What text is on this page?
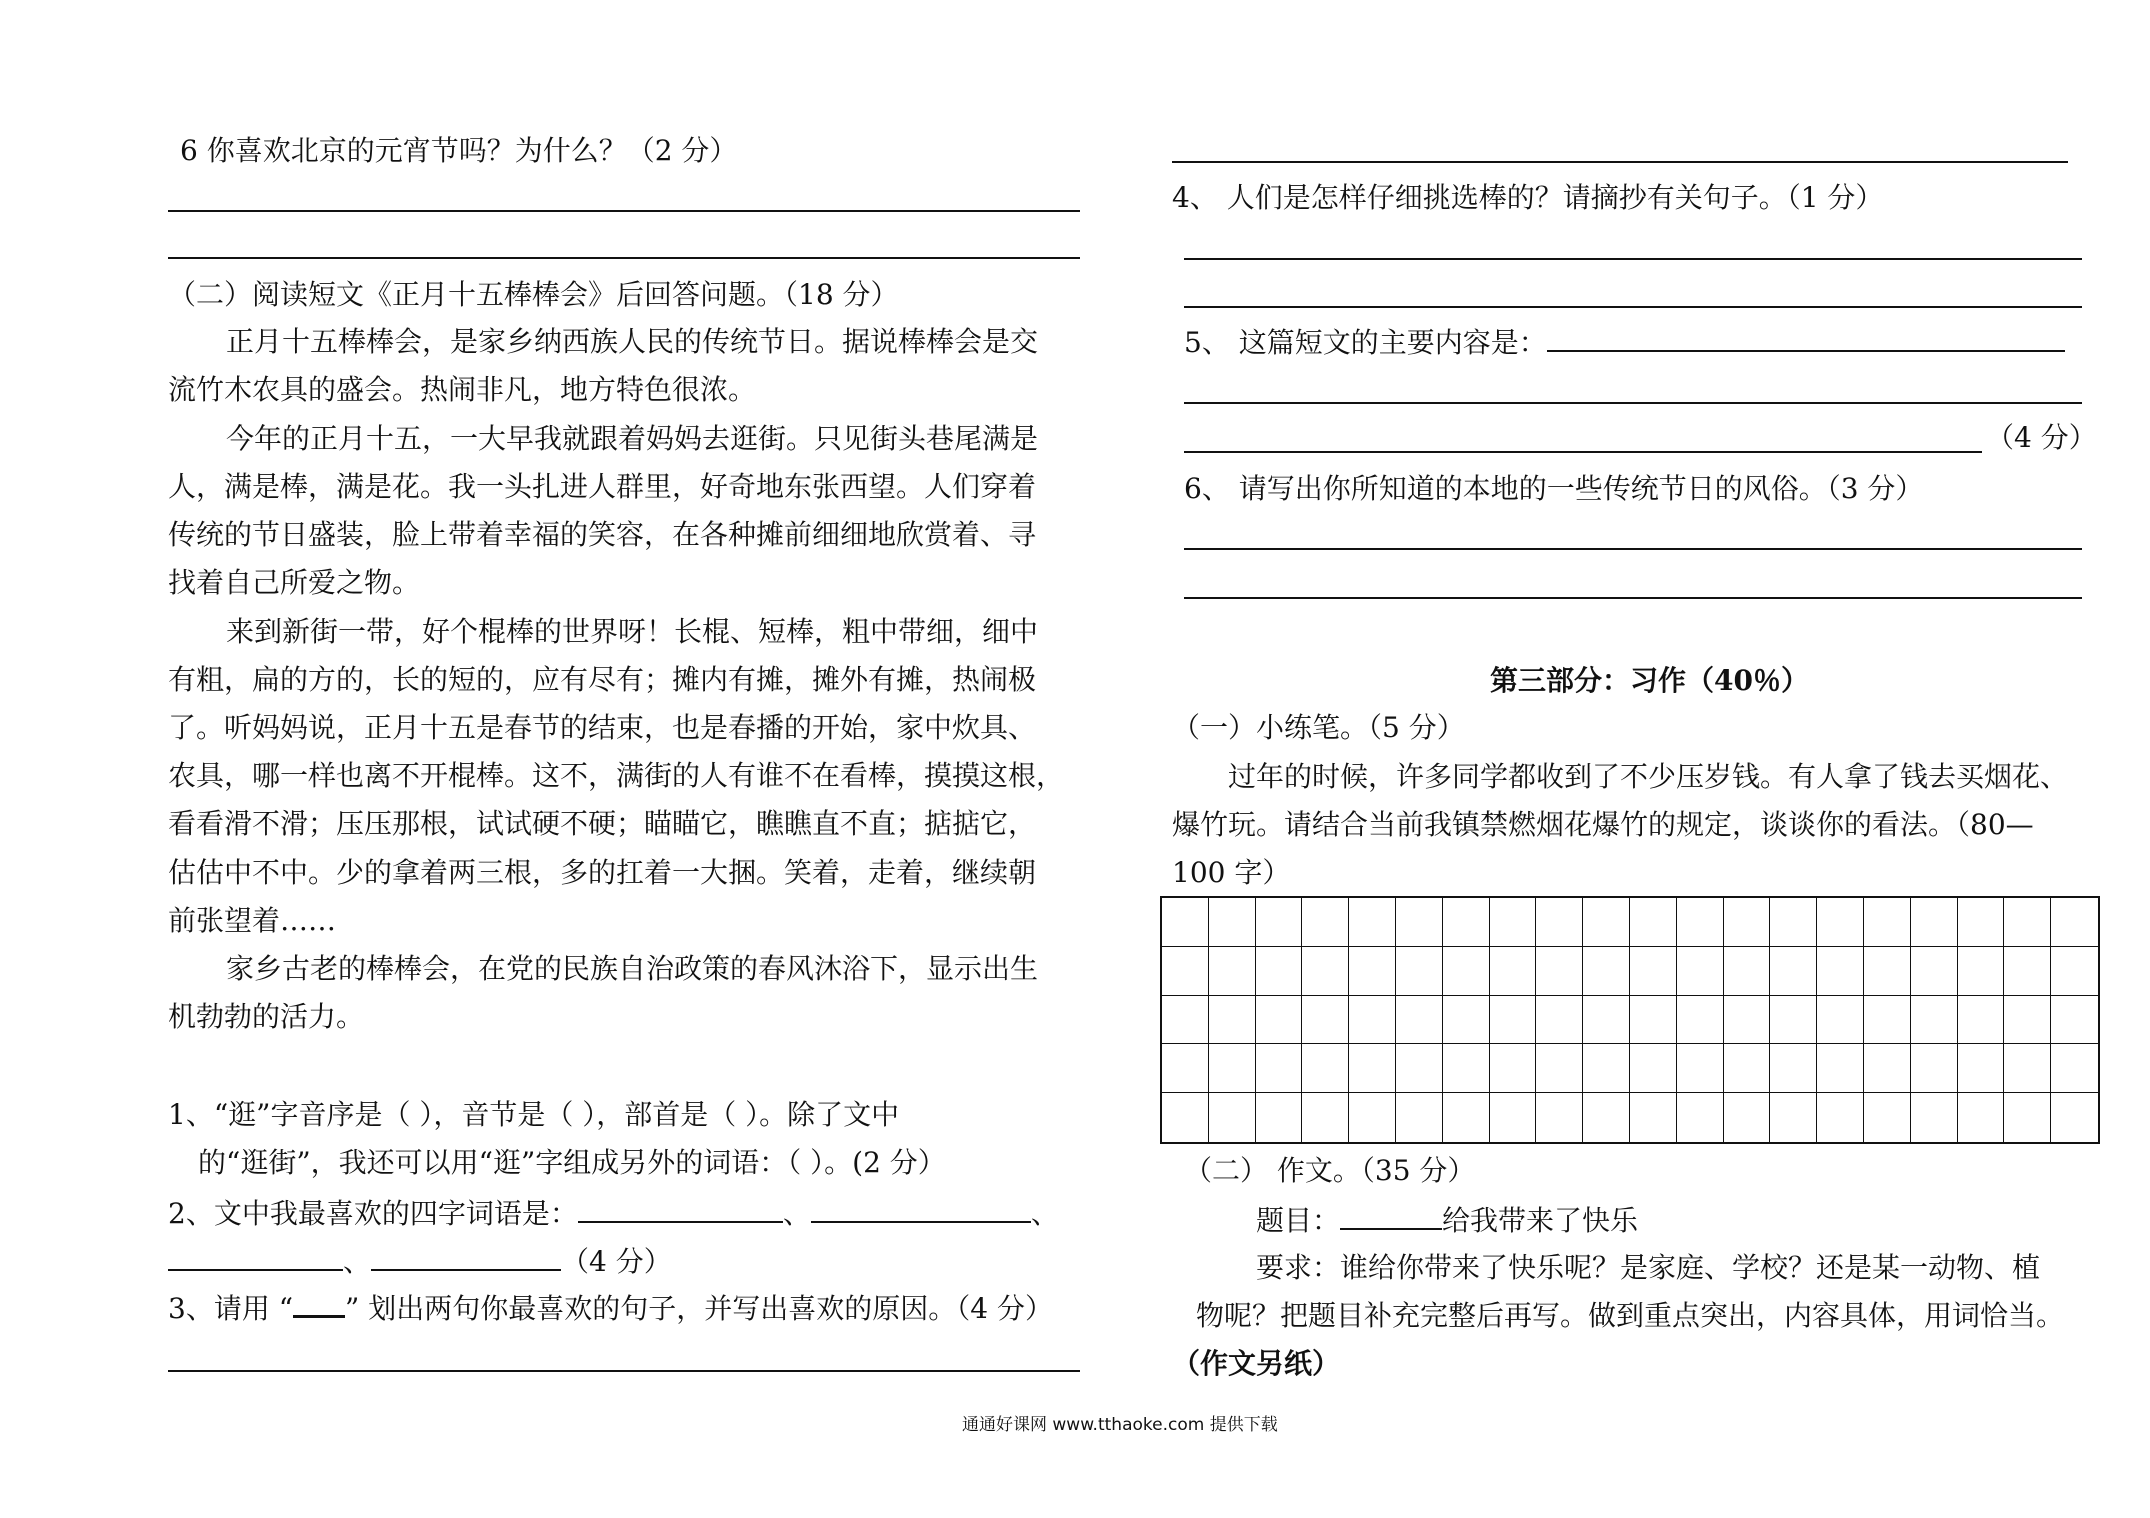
6 你喜欢北京的元宵节吗？为什么？（2 分）
（二）阅读短文《正月十五棒棒会》后回答问题。（18 分）
正月十五棒棒会，是家乡纳西族人民的传统节日。据说棒棒会是交
流竹木农具的盛会。热闹非凡，地方特色很浓。
今年的正月十五，一大早我就跟着妈妈去逛街。只见街头巷尾满是
人，满是棒，满是花。我一头扎进人群里，好奇地东张西望。人们穿着
传统的节日盛装，脸上带着幸福的笑容，在各种摊前细细地欣赏着、寻
找着自己所爱之物。
来到新街一带，好个棍棒的世界呀！长棍、短棒，粗中带细，细中
有粗，扁的方的，长的短的，应有尽有；摊内有摊，摊外有摊，热闹极
了。听妈妈说，正月十五是春节的结束，也是春播的开始，家中炊具、
农具，哪一样也离不开棍棒。这不，满街的人有谁不在看棒，摸摸这根，
看看滑不滑；压压那根，试试硬不硬；瞄瞄它，瞧瞧直不直；掂掂它，
估估中不中。少的拿着两三根，多的扛着一大捆。笑着，走着，继续朝
前张望着……
家乡古老的棒棒会，在党的民族自治政策的春风沐浴下，显示出生
机勃勃的活力。
1、“逛”字音序是（ ），音节是（ ），部首是（ ）。除了文中
的“逛街”，我还可以用“逛”字组成另外的词语：（ ）。(2 分）
2、文中我最喜欢的四字词语是：	、	、
、	（4 分）
3、请用 “ ” 划出两句你最喜欢的句子，并写出喜欢的原因。（4 分）
4、 人们是怎样仔细挑选棒的？请摘抄有关句子。（1 分）
5、 这篇短文的主要内容是：
（4 分）
6、 请写出你所知道的本地的一些传统节日的风俗。（3 分）
第三部分：习作（40％）
（一）小练笔。（5 分）
过年的时候，许多同学都收到了不少压岁钱。有人拿了钱去买烟花、
爆竹玩。请结合当前我镇禁燃烟花爆竹的规定，谈谈你的看法。（80—
100 字）
（二） 作文。（35 分）
题目：	给我带来了快乐
要求：谁给你带来了快乐呢？是家庭、学校？还是某一动物、植
物呢？把题目补充完整后再写。做到重点突出，内容具体，用词恰当。
（作文另纸）
通通好课网 www.tthaoke.com 提供下载
